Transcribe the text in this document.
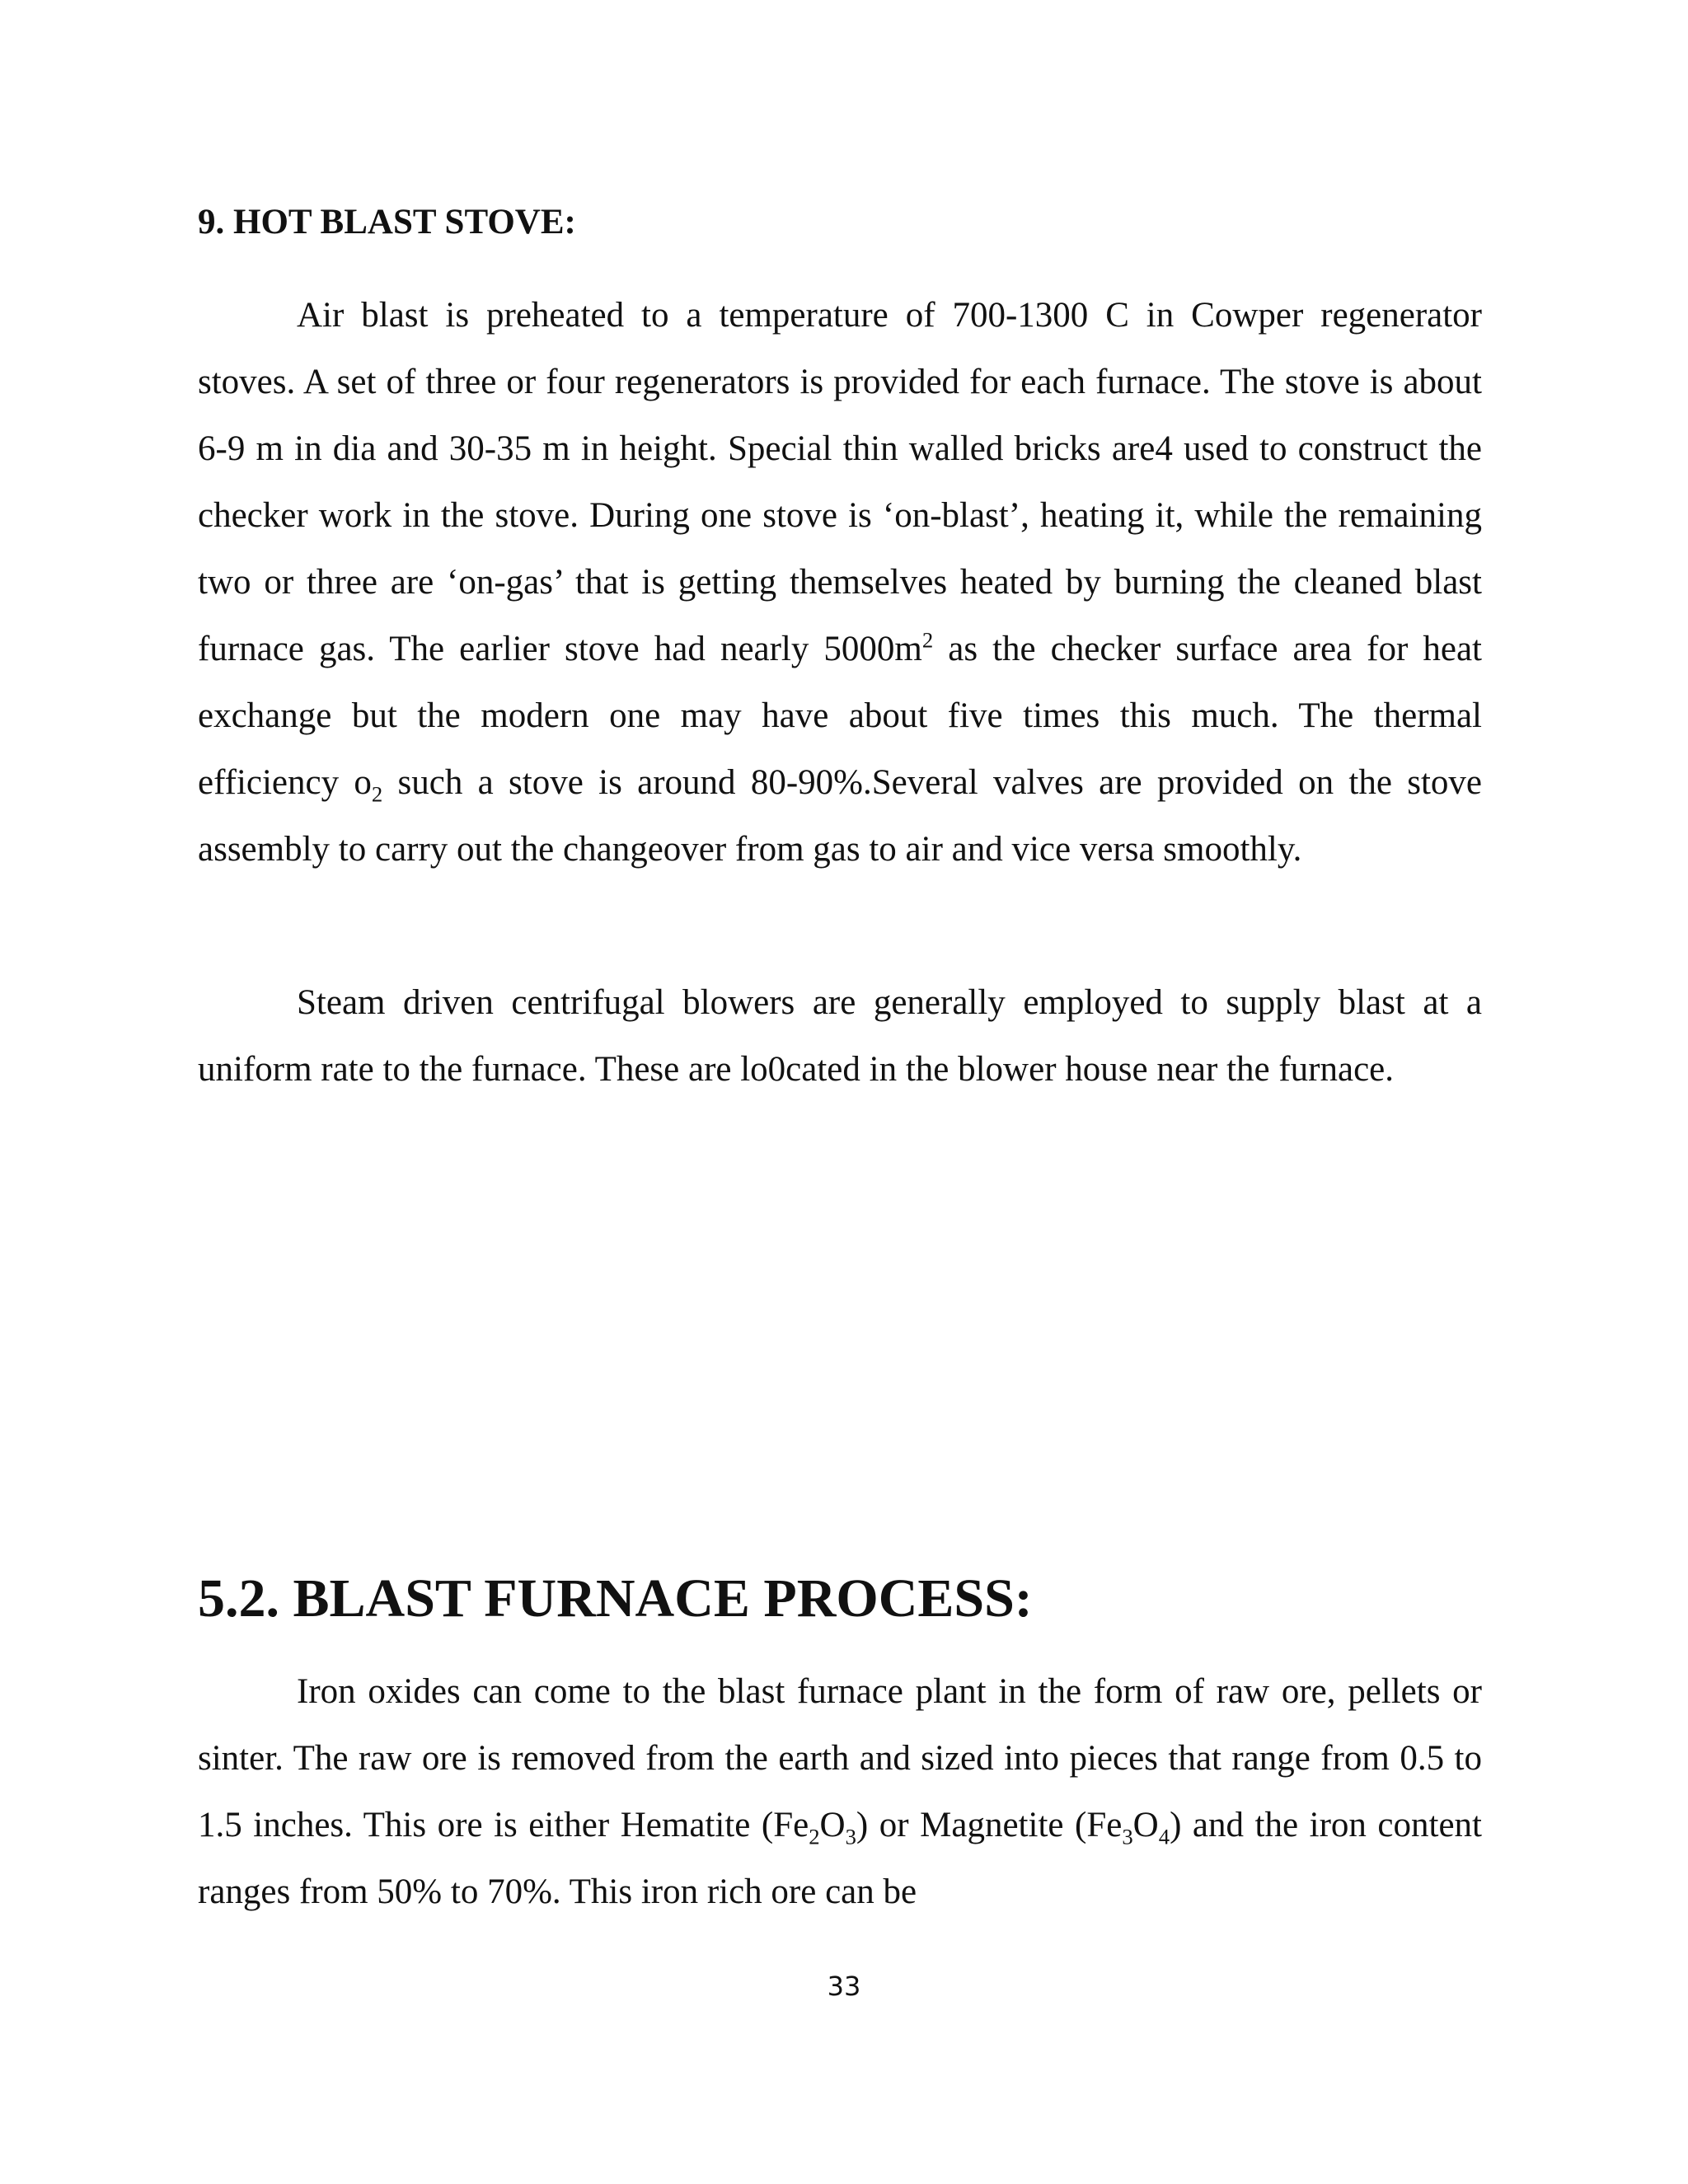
9. HOT BLAST STOVE:

Air blast is preheated to a temperature of 700-1300 C in Cowper regenerator stoves. A set of three or four regenerators is provided for each furnace. The stove is about 6-9 m in dia and 30-35 m in height. Special thin walled bricks are4 used to construct the checker work in the stove. During one stove is ‘on-blast’, heating it, while the remaining two or three are ‘on-gas’ that is getting themselves heated by burning the cleaned blast furnace gas. The earlier stove had nearly $5000m^2$ as the checker surface area for heat exchange but the modern one may have about five times this much. The thermal efficiency $o_2$ such a stove is around 80-90%.Several valves are provided on the stove assembly to carry out the changeover from gas to air and vice versa smoothly.

Steam driven centrifugal blowers are generally employed to supply blast at a uniform rate to the furnace. These are lo0cated in the blower house near the furnace.

5.2. BLAST FURNACE PROCESS:

Iron oxides can come to the blast furnace plant in the form of raw ore, pellets or sinter. The raw ore is removed from the earth and sized into pieces that range from 0.5 to 1.5 inches. This ore is either Hematite $(Fe_2O_3)$ or Magnetite $(Fe_3O_4)$ and the iron content ranges from 50% to 70%. This iron rich ore can be

33
